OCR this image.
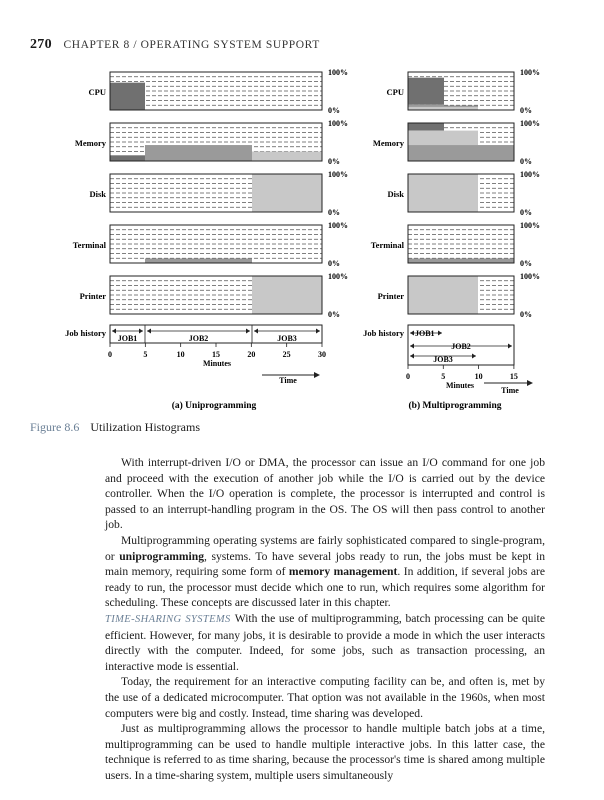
270 CHAPTER 8 / OPERATING SYSTEM SUPPORT
CPU
100%
0%
CPU
100%
0%
Memory
100%
0%
Memory
100%
0%
Disk
100%
0%
Disk
100%
0%
Terminal
100%
0%
Terminal
100%
0%
Printer
100%
0%
Printer
100%
0%
Job history
JOB1	JOB2	JOB3
0	5	10	15	20	25	30
Minutes
Time
Job history JOB1
JOB2
JOB3
0	5	10	15
Minutes
Time
(a) Uniprogramming	(b) Multiprogramming
Figure 8.6 Utilization Histograms

With interrupt-driven I/O or DMA, the processor can issue an I/O command for one job and proceed with the execution of another job while the I/O is carried out by the device controller. When the I/O operation is complete, the processor is interrupted and control is passed to an interrupt-handling program in the OS. The OS will then pass control to another job.

Multiprogramming operating systems are fairly sophisticated compared to single-program, or uniprogramming, systems. To have several jobs ready to run, the jobs must be kept in main memory, requiring some form of memory management. In addition, if several jobs are ready to run, the processor must decide which one to run, which requires some algorithm for scheduling. These concepts are discussed later in this chapter.

TIME-SHARING SYSTEMS With the use of multiprogramming, batch processing can be quite efficient. However, for many jobs, it is desirable to provide a mode in which the user interacts directly with the computer. Indeed, for some jobs, such as transaction processing, an interactive mode is essential.

Today, the requirement for an interactive computing facility can be, and often is, met by the use of a dedicated microcomputer. That option was not available in the 1960s, when most computers were big and costly. Instead, time sharing was developed.

Just as multiprogramming allows the processor to handle multiple batch jobs at a time, multiprogramming can be used to handle multiple interactive jobs. In this latter case, the technique is referred to as time sharing, because the processor's time is shared among multiple users. In a time-sharing system, multiple users simultaneously
